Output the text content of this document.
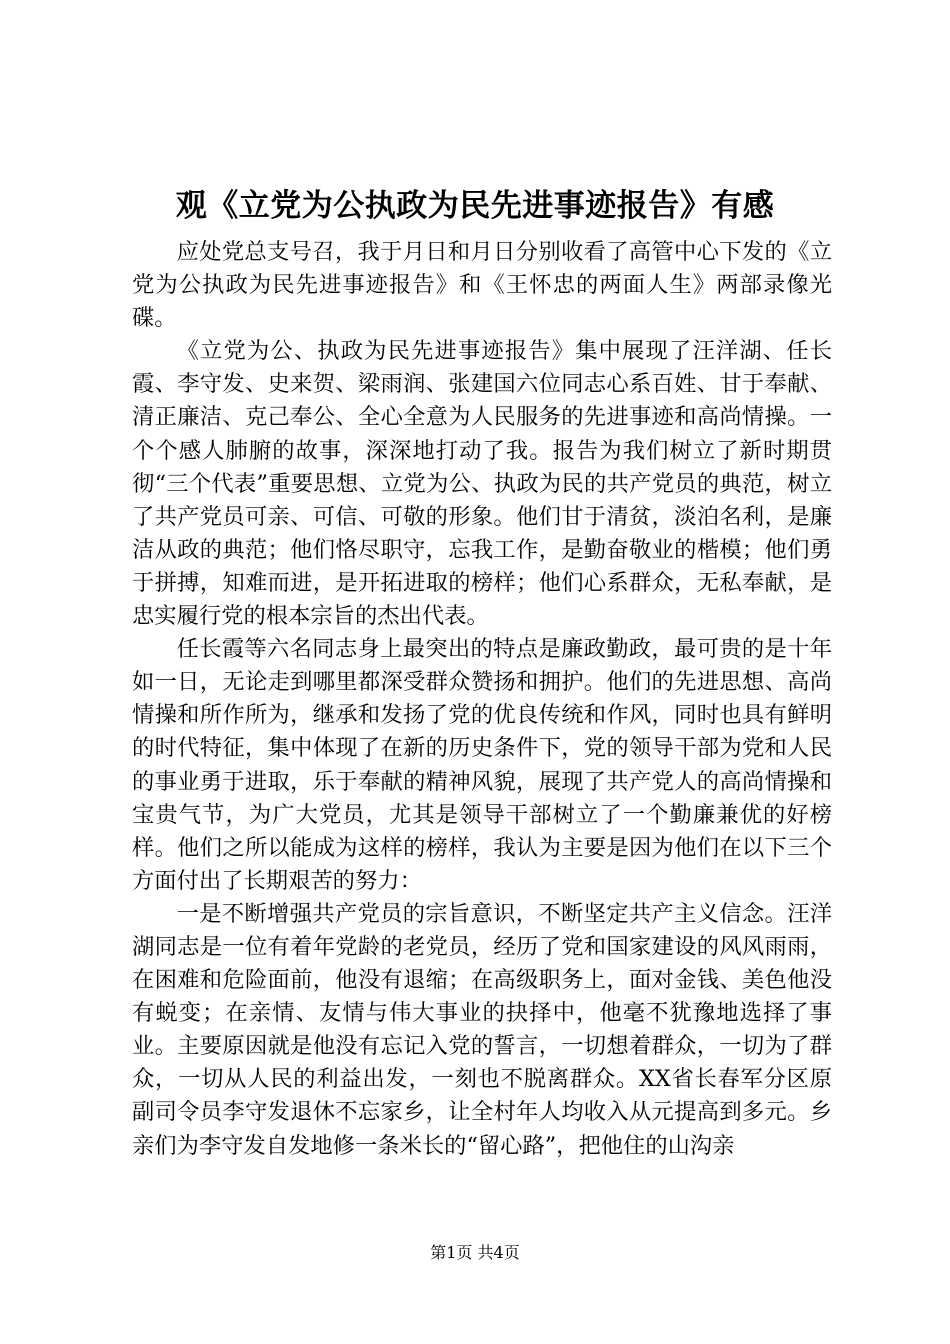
观《立党为公执政为民先进事迹报告》有感

应处党总支号召，我于月日和月日分别收看了高管中心下发的《立党为公执政为民先进事迹报告》和《王怀忠的两面人生》两部录像光碟。

《立党为公、执政为民先进事迹报告》集中展现了汪洋湖、任长霞、李守发、史来贺、梁雨润、张建国六位同志心系百姓、甘于奉献、清正廉洁、克己奉公、全心全意为人民服务的先进事迹和高尚情操。一个个感人肺腑的故事，深深地打动了我。报告为我们树立了新时期贯彻“三个代表”重要思想、立党为公、执政为民的共产党员的典范，树立了共产党员可亲、可信、可敬的形象。他们甘于清贫，淡泊名利，是廉洁从政的典范；他们恪尽职守，忘我工作，是勤奋敬业的楷模；他们勇于拼搏，知难而进，是开拓进取的榜样；他们心系群众，无私奉献，是忠实履行党的根本宗旨的杰出代表。

任长霞等六名同志身上最突出的特点是廉政勤政，最可贵的是十年如一日，无论走到哪里都深受群众赞扬和拥护。他们的先进思想、高尚情操和所作所为，继承和发扬了党的优良传统和作风，同时也具有鲜明的时代特征，集中体现了在新的历史条件下，党的领导干部为党和人民的事业勇于进取，乐于奉献的精神风貌，展现了共产党人的高尚情操和宝贵气节，为广大党员，尤其是领导干部树立了一个勤廉兼优的好榜样。他们之所以能成为这样的榜样，我认为主要是因为他们在以下三个方面付出了长期艰苦的努力：

一是不断增强共产党员的宗旨意识，不断坚定共产主义信念。汪洋湖同志是一位有着年党龄的老党员，经历了党和国家建设的风风雨雨，在困难和危险面前，他没有退缩；在高级职务上，面对金钱、美色他没有蜕变；在亲情、友情与伟大事业的抉择中，他毫不犹豫地选择了事业。主要原因就是他没有忘记入党的誓言，一切想着群众，一切为了群众，一切从人民的利益出发，一刻也不脱离群众。XX省长春军分区原副司令员李守发退休不忘家乡，让全村年人均收入从元提高到多元。乡亲们为李守发自发地修一条米长的“留心路”，把他住的山沟亲

第1页 共4页
